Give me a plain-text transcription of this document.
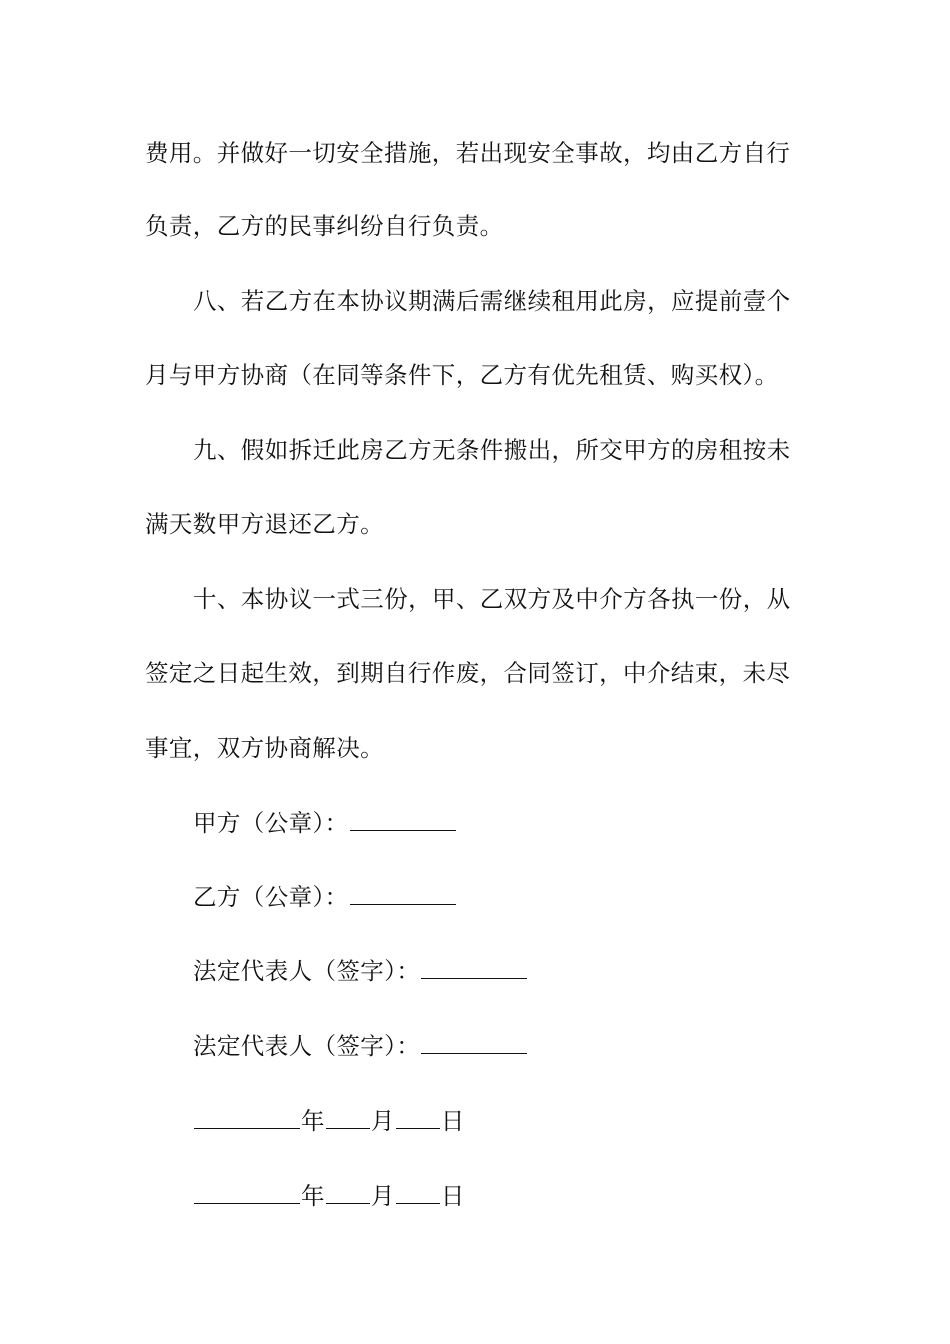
费用。并做好一切安全措施，若出现安全事故，均由乙方自行
负责，乙方的民事纠纷自行负责。
八、若乙方在本协议期满后需继续租用此房，应提前壹个
月与甲方协商（在同等条件下，乙方有优先租赁、购买权）。
九、假如拆迁此房乙方无条件搬出，所交甲方的房租按未
满天数甲方退还乙方。
十、本协议一式三份，甲、乙双方及中介方各执一份，从
签定之日起生效，到期自行作废，合同签订，中介结束，未尽
事宜，双方协商解决。
甲方（公章）：
乙方（公章）：
法定代表人（签字）：
法定代表人（签字）：
年 月 日
年 月 日
